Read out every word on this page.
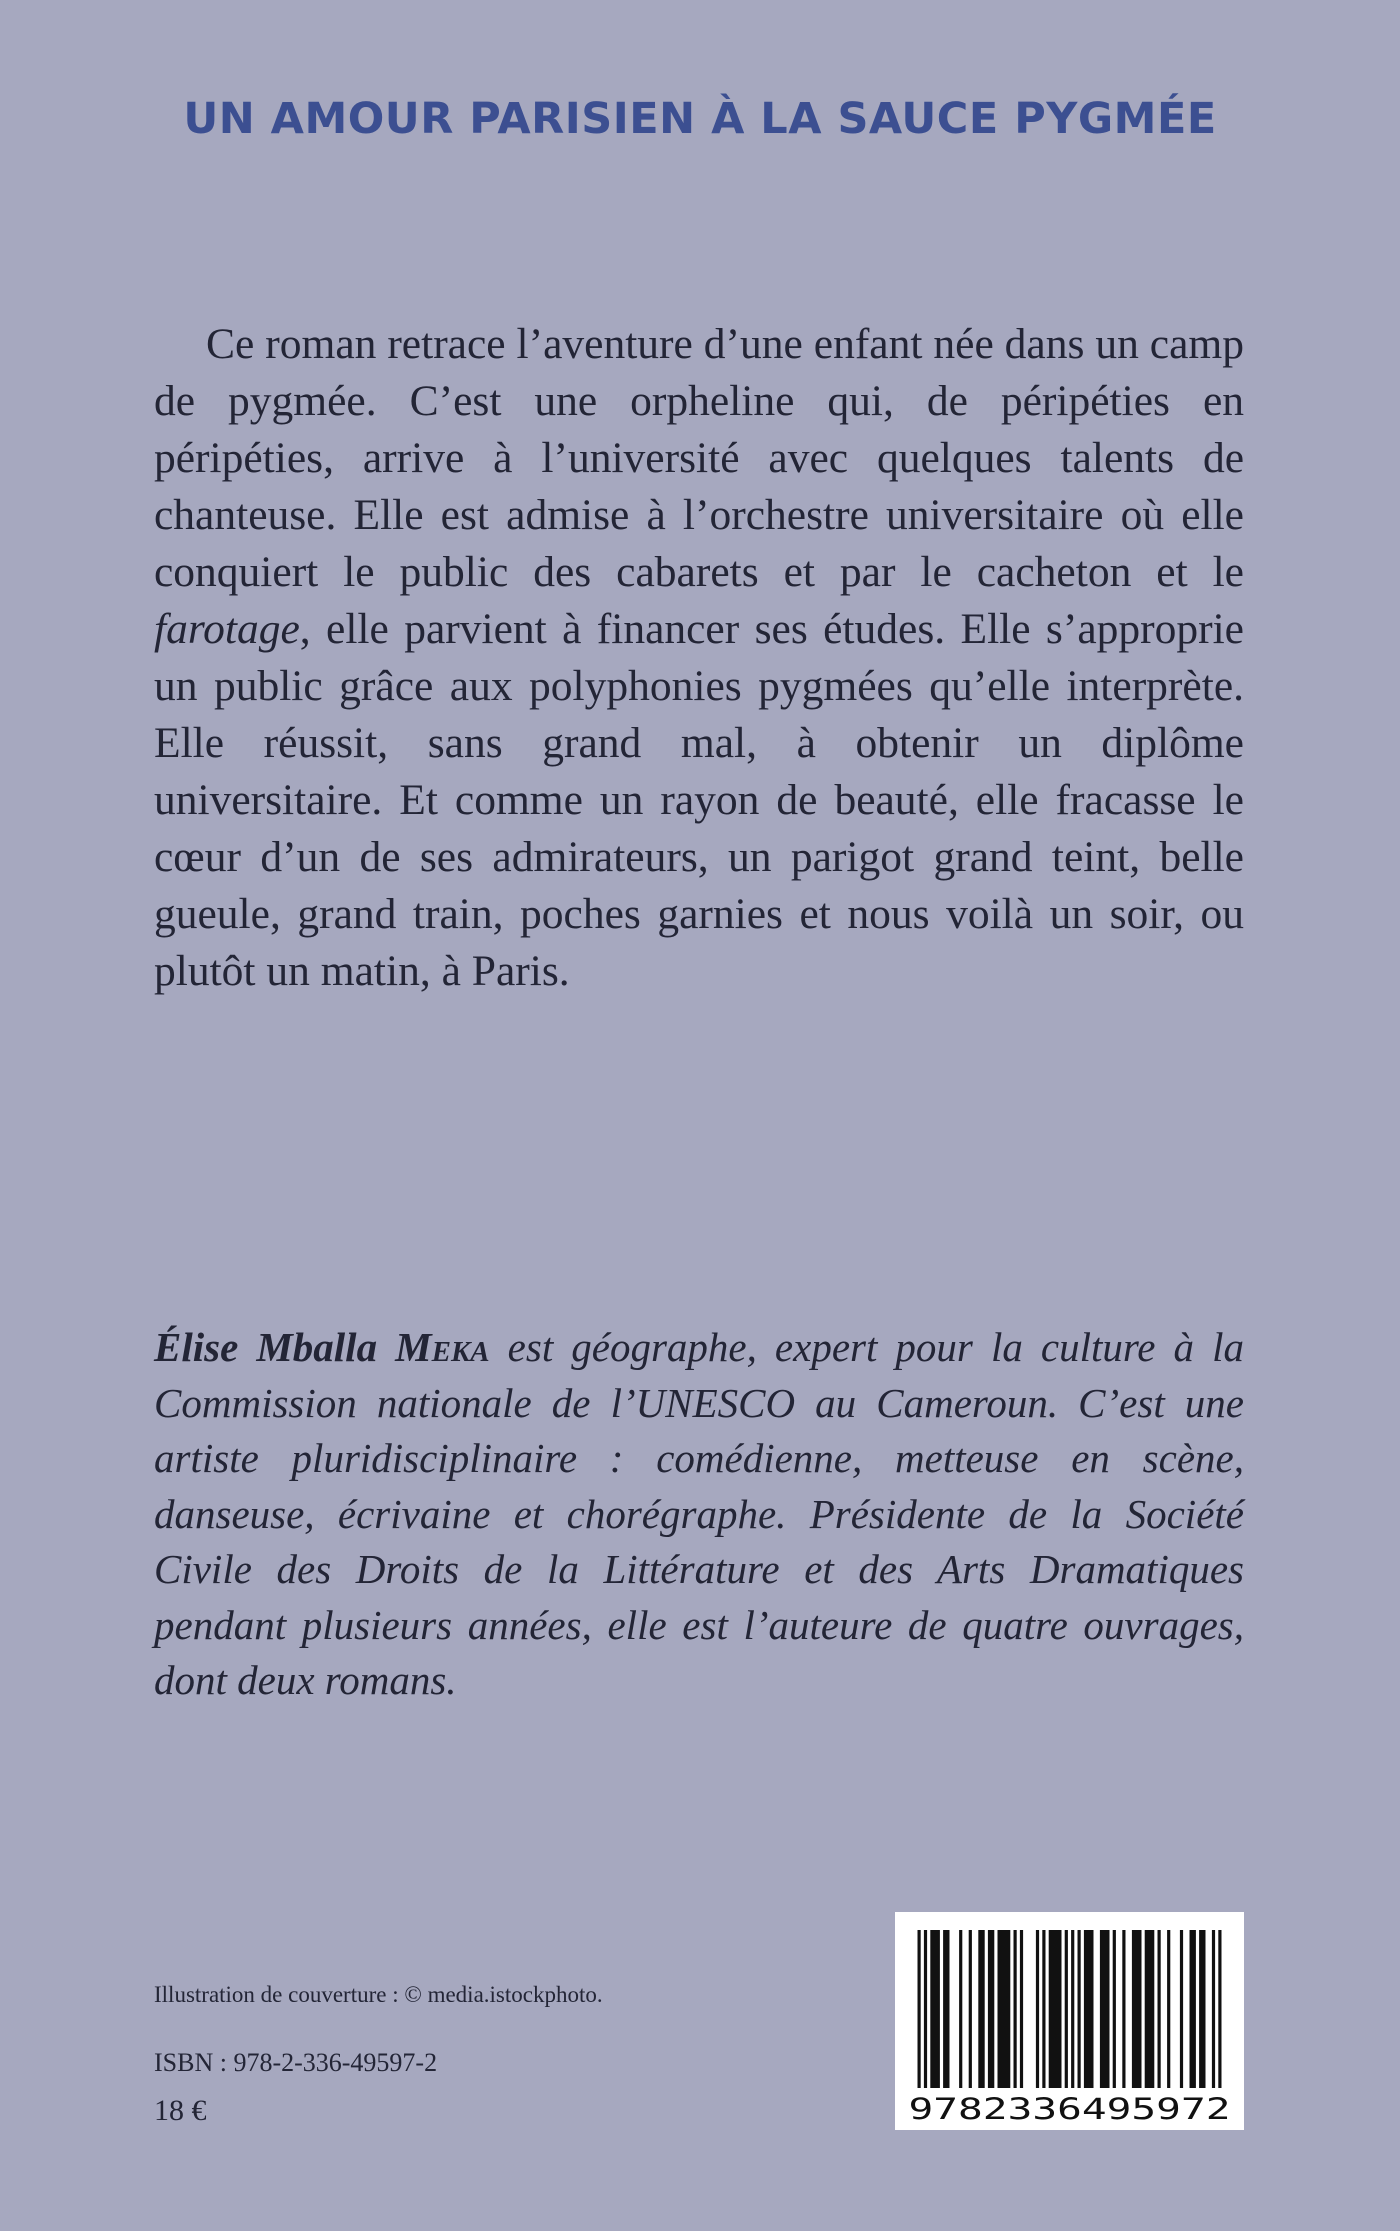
UN AMOUR PARISIEN À LA SAUCE PYGMÉE

Ce roman retrace l’aventure d’une enfant née dans un camp de pygmée. C’est une orpheline qui, de péripéties en péripéties, arrive à l’université avec quelques talents de chanteuse. Elle est admise à l’orchestre universitaire où elle conquiert le public des cabarets et par le cacheton et le farotage, elle parvient à financer ses études. Elle s’approprie un public grâce aux polyphonies pygmées qu’elle interprète. Elle réussit, sans grand mal, à obtenir un diplôme universitaire. Et comme un rayon de beauté, elle fracasse le cœur d’un de ses admirateurs, un parigot grand teint, belle gueule, grand train, poches garnies et nous voilà un soir, ou plutôt un matin, à Paris.

Élise Mballa Meka est géographe, expert pour la culture à la Commission nationale de l’UNESCO au Cameroun. C’est une artiste pluridisciplinaire : comédienne, metteuse en scène, danseuse, écrivaine et chorégraphe. Présidente de la Société Civile des Droits de la Littérature et des Arts Dramatiques pendant plusieurs années, elle est l’auteure de quatre ouvrages, dont deux romans.

Illustration de couverture : © media.istockphoto.
ISBN : 978-2-336-49597-2
18 €	9782336495972
